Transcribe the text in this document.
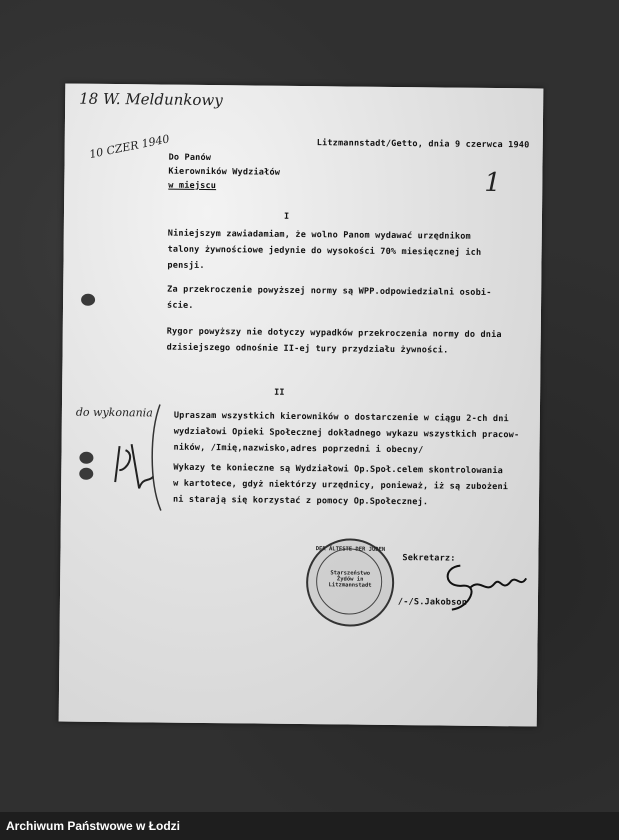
18 W. Meldunkowy
10 CZER 1940	Litzmannstadt/Getto, dnia 9 czerwca 1940
1
Do Panów
Kierowników Wydziałów
w miejscu
I
Niniejszym zawiadamiam, że wolno Panom wydawać urzędnikom
talony żywnościowe jedynie do wysokości 70% miesięcznej ich
pensji.
Za przekroczenie powyższej normy są WPP.odpowiedzialni osobi-
ście.
Rygor powyższy nie dotyczy wypadków przekroczenia normy do dnia
dzisiejszego odnośnie II-ej tury przydziału żywności.
II
Upraszam wszystkich kierowników o dostarczenie w ciągu 2-ch dni
wydziałowi Opieki Społecznej dokładnego wykazu wszystkich pracow-
ników, /Imię,nazwisko,adres poprzedni i obecny/
Wykazy te konieczne są Wydziałowi Op.Społ.celem skontrolowania
w kartotece, gdyż niektórzy urzędnicy, ponieważ, iż są zubożeni
ni starają się korzystać z pomocy Op.Społecznej.
do wykonania
Sekretarz:
/-/S.Jakobson
DER ÄLTESTE DER JUDEN
Starszeństwo Żydów in Litzmannstadt
Archiwum Państwowe w Łodzi
